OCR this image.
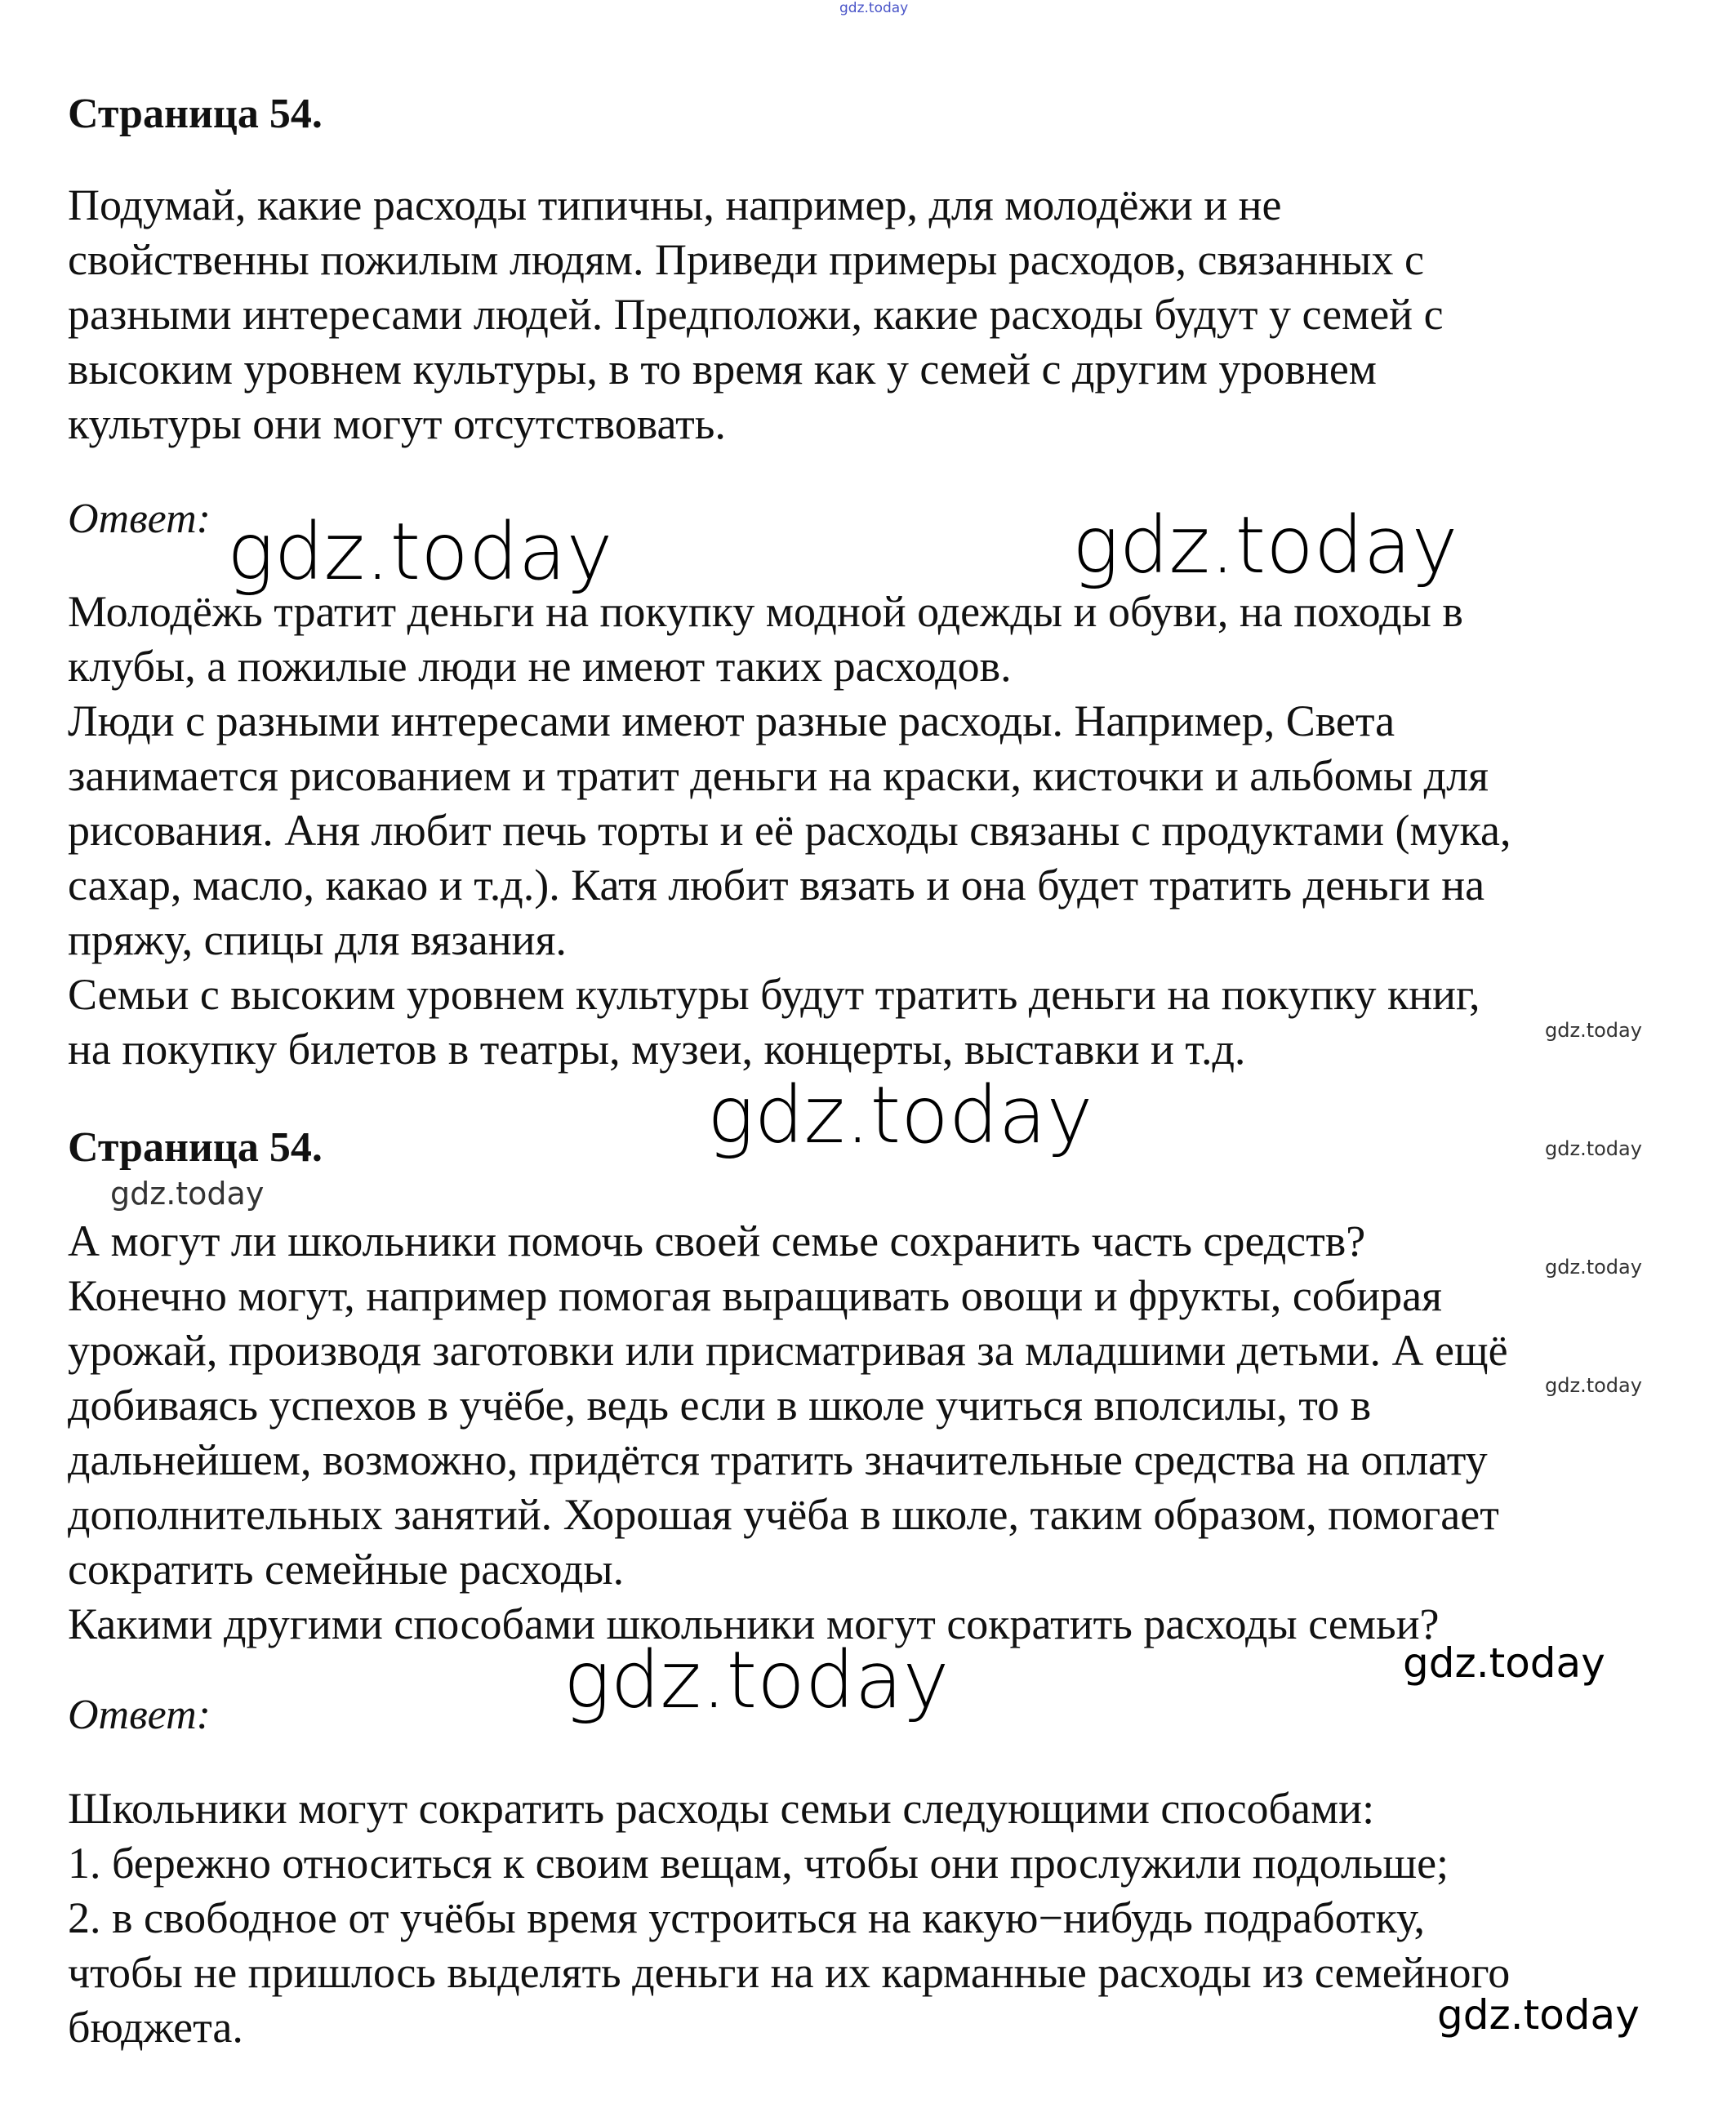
gdz.today
gdz.today	gdz.today
gdz.today
gdz.today	gdz.today
gdz.today
gdz.today
gdz.today
gdz.today
gdz.today
gdz.today
Страница 54.
Подумай, какие расходы типичны, например, для молодёжи и не
свойственны пожилым людям. Приведи примеры расходов, связанных с
разными интересами людей. Предположи, какие расходы будут у семей с
высоким уровнем культуры, в то время как у семей с другим уровнем
культуры они могут отсутствовать.
Ответ:
Молодёжь тратит деньги на покупку модной одежды и обуви, на походы в
клубы, а пожилые люди не имеют таких расходов.
Люди с разными интересами имеют разные расходы. Например, Света
занимается рисованием и тратит деньги на краски, кисточки и альбомы для
рисования. Аня любит печь торты и её расходы связаны с продуктами (мука,
сахар, масло, какао и т.д.). Катя любит вязать и она будет тратить деньги на
пряжу, спицы для вязания.
Семьи с высоким уровнем культуры будут тратить деньги на покупку книг,
на покупку билетов в театры, музеи, концерты, выставки и т.д.
Страница 54.
А могут ли школьники помочь своей семье сохранить часть средств?
Конечно могут, например помогая выращивать овощи и фрукты, собирая
урожай, производя заготовки или присматривая за младшими детьми. А ещё
добиваясь успехов в учёбе, ведь если в школе учиться вполсилы, то в
дальнейшем, возможно, придётся тратить значительные средства на оплату
дополнительных занятий. Хорошая учёба в школе, таким образом, помогает
сократить семейные расходы.
Какими другими способами школьники могут сократить расходы семьи?
Ответ:
Школьники могут сократить расходы семьи следующими способами:
1. бережно относиться к своим вещам, чтобы они прослужили подольше;
2. в свободное от учёбы время устроиться на какую−нибудь подработку,
чтобы не пришлось выделять деньги на их карманные расходы из семейного
бюджета.
